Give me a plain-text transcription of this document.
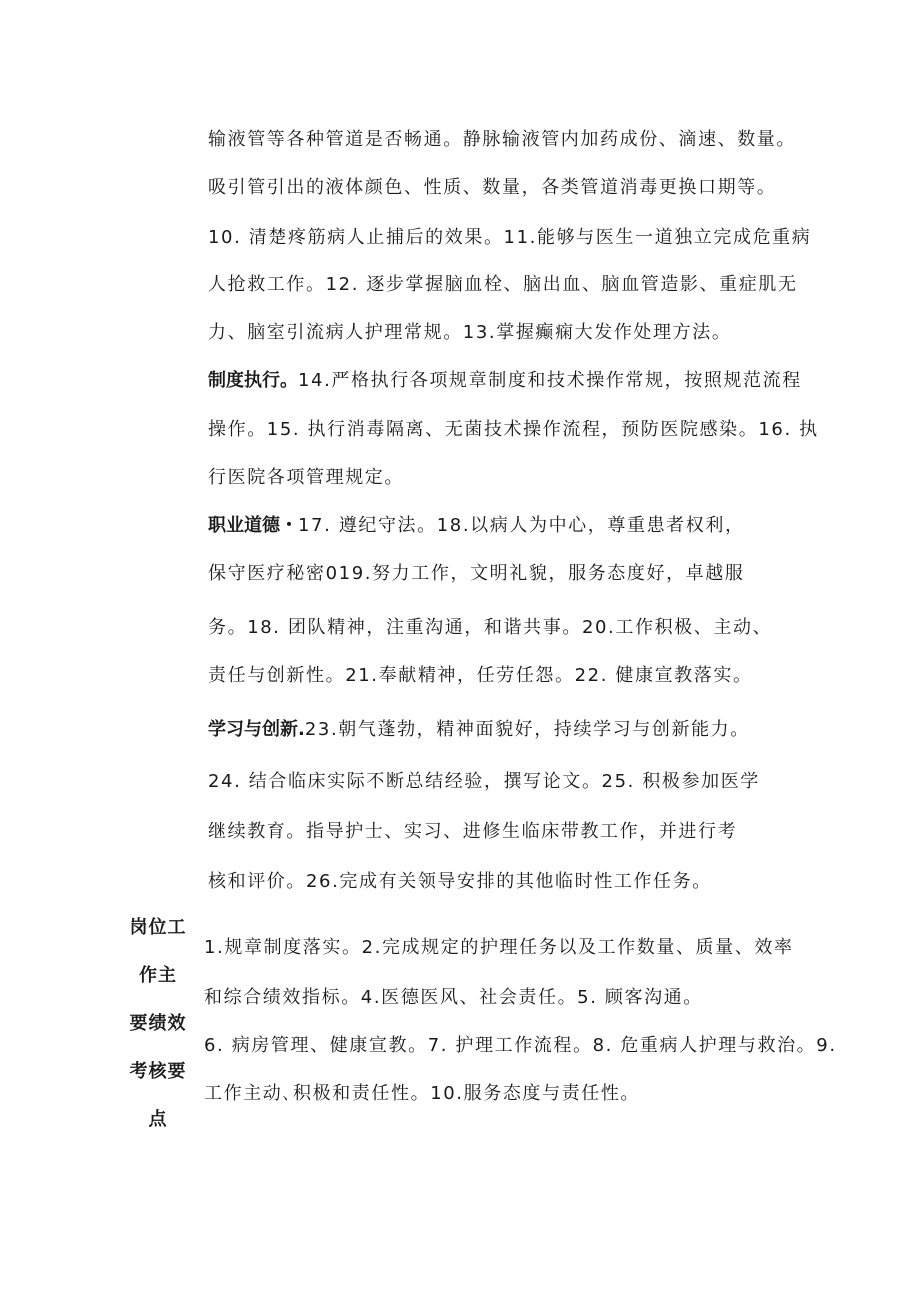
输液管等各种管道是否畅通。静脉输液管内加药成份、滴速、数量。
吸引管引出的液体颜色、性质、数量，各类管道消毒更换口期等。
10. 清楚疼筋病人止捕后的效果。11.能够与医生一道独立完成危重病
人抢救工作。12. 逐步掌握脑血栓、脑出血、脑血管造影、重症肌无
力、脑室引流病人护理常规。13.掌握癫痫大发作处理方法。
制度执行。14.严格执行各项规章制度和技术操作常规，按照规范流程
操作。15. 执行消毒隔离、无菌技术操作流程，预防医院感染。16. 执
行医院各项管理规定。
职业道德・17. 遵纪守法。18.以病人为中心，尊重患者权利，
保守医疗秘密019.努力工作，文明礼貌，服务态度好，卓越服
务。18. 团队精神，注重沟通，和谐共事。20.工作积极、主动、
责任与创新性。21.奉献精神，任劳任怨。22. 健康宣教落实。
学习与创新.23.朝气蓬勃，精神面貌好，持续学习与创新能力。
24. 结合临床实际不断总结经验，撰写论文。25. 积极参加医学
继续教育。指导护士、实习、进修生临床带教工作，并进行考
核和评价。26.完成有关领导安排的其他临时性工作任务。
岗位工
作主
要绩效
考核要
点
1.规章制度落实。2.完成规定的护理任务以及工作数量、质量、效率
和综合绩效指标。4.医德医风、社会责任。5. 顾客沟通。
6. 病房管理、健康宣教。7. 护理工作流程。8. 危重病人护理与救治。9.
工作主动､积极和责任性。10.服务态度与责任性。
